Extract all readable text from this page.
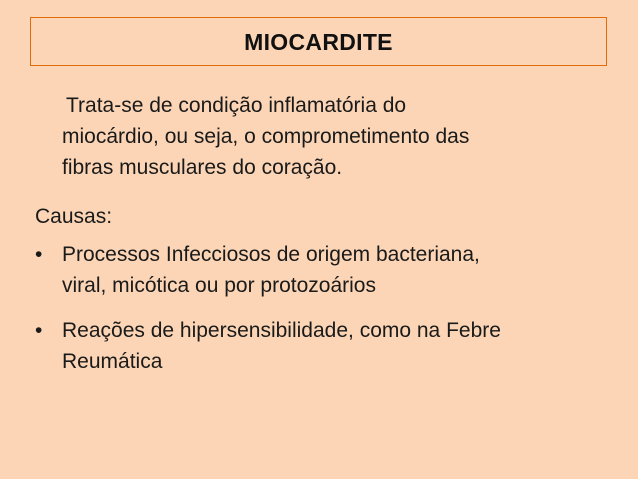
MIOCARDITE
Trata-se de condição inflamatória do
miocárdio, ou seja, o comprometimento das
fibras musculares do coração.
Causas:
• Processos Infecciosos de origem bacteriana,
viral, micótica ou por protozoários
• Reações de hipersensibilidade, como na Febre
Reumática
